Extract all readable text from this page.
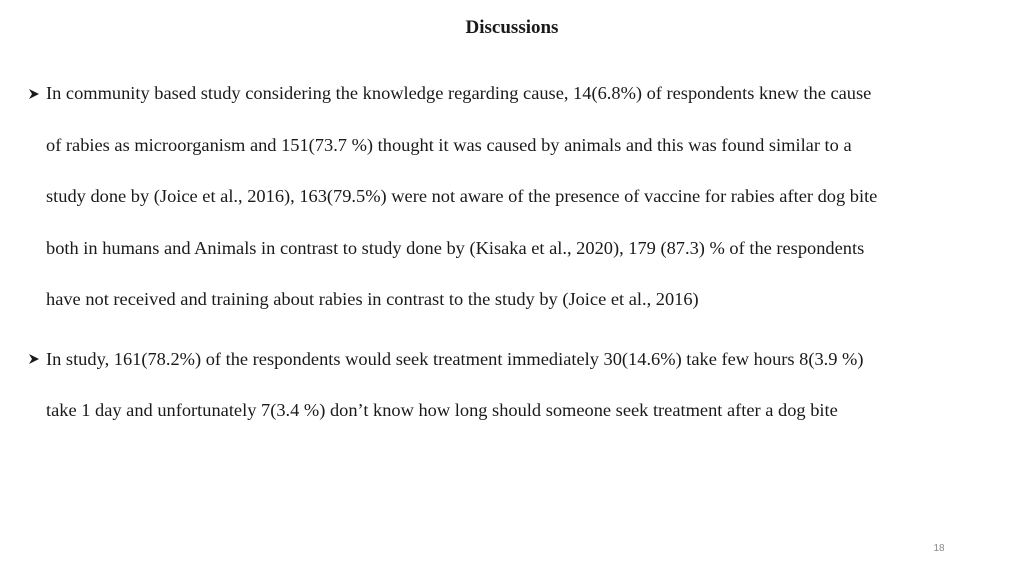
Discussions
In community based study considering the knowledge regarding cause, 14(6.8%) of respondents knew the cause
of rabies as microorganism and 151(73.7 %) thought it was caused by animals and this was found similar to a
study done by (Joice et al., 2016), 163(79.5%) were not aware of the presence of vaccine for rabies after dog bite
both in humans and Animals in contrast to study done by (Kisaka et al., 2020), 179 (87.3) % of the respondents
have not received and training about rabies in contrast to the study by (Joice et al., 2016)
In study, 161(78.2%) of the respondents would seek treatment immediately 30(14.6%) take few hours 8(3.9 %)
take 1 day and unfortunately 7(3.4 %) don’t know how long should someone seek treatment after a dog bite
18
